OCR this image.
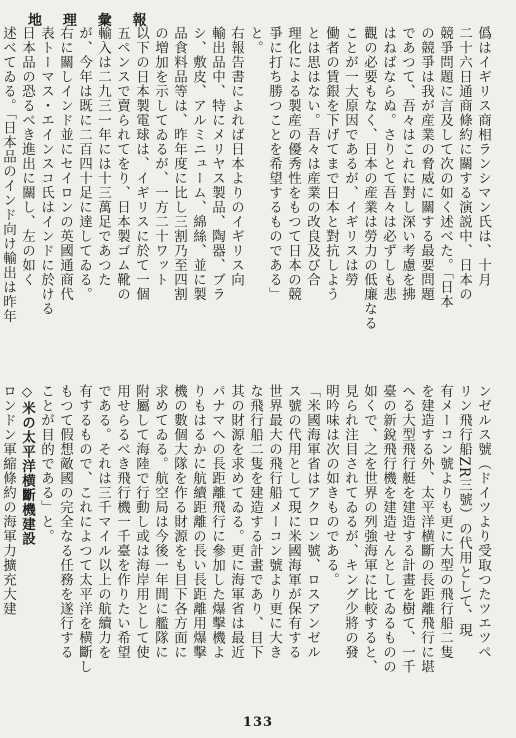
地 理 彙 報
僞はイギリス商相ランシマン氏は、十月
二十六日通商條約に關する演説中、日本の
競爭問題に言及して次の如く述べた。「日本
の競爭は我が産業の脅威に關する最要問題
であつて、吾々はこれに對し深い考慮を拂
はねばならぬ。さりとて吾々は必ずしも悲
觀の必要もなく、日本の産業は勞力の低廉なる
ことが一大原因であるが、イギリスは勞
働者の賃銀を下げてまで日本と對抗しよう
とは思はない。吾々は産業の改良及び合
理化による製産の優秀性をもつて日本の競
爭に打ち勝つことを希望するものである」
と。
右報告書によれば日本よりのイギリス向
輸出品中、特にメリヤス製品、陶器、ブラ
シ、敷皮、アルミニューム、綿絲、並に製
品食料品等は、昨年度に比し三割乃至四割
の増加を示してゐるが、一方二十ワット
以下の日本製電球は、イギリスに於て一個
五ペンスで賣られてをり、日本製ゴム靴の
輸入は二九三一年には十三萬足であつた
が、今年は既に二百四十足に達してゐる。
右に關しインド並にセイロンの英國通商代
表トーマス・エインスコ氏はインドに於ける
日本品の恐るべき進出に關し、左の如く
述べてゐる。「日本品のインド向け輸出は昨年
ンゼルス號（ドイツより受取つたツエツペ
リン飛行船ZR三號）の代用として、現
有メーコン號よりも更に大型の飛行船二隻
を建造する外、太平洋横斷の長距離飛行に堪
へる大型飛行艇を建造する計畫を樹て、一千
臺の新銳飛行機を建造せんとしてゐるものの
如くで、之を世界の列強海軍に比較すると、
見られ注目されてゐるが、キング少將の發
明吟味は次の如きものである。
「米國海軍省はアクロン號、ロスアンゼル
ス號の代用として現に米國海軍が保有する
世界最大の飛行船メーコン號より更に大き
な飛行船二隻を建造する計畫であり、目下
其の財源を求めてゐる。更に海軍省は最近
パナマへの長距離飛行に參加した爆擊機よ
りもはるかに航續距離の長い長距離用爆擊
機の數個大隊を作る財源をも目下各方面に
求めてゐる。航空局は今後一年間に艦隊に
附屬して海陸で行動し或は海岸用として使
用せらるべき飛行機一千臺を作りたい希望
である。それは三千マイル以上の航續力を
有するもので、これによつて太平洋を横斷し
もつて假想敵國の完全なる任務を遂行する
ことが目的である」と。
◇米の太平洋横斷機建設
ロンドン軍縮條約の海軍力擴充大建
133
